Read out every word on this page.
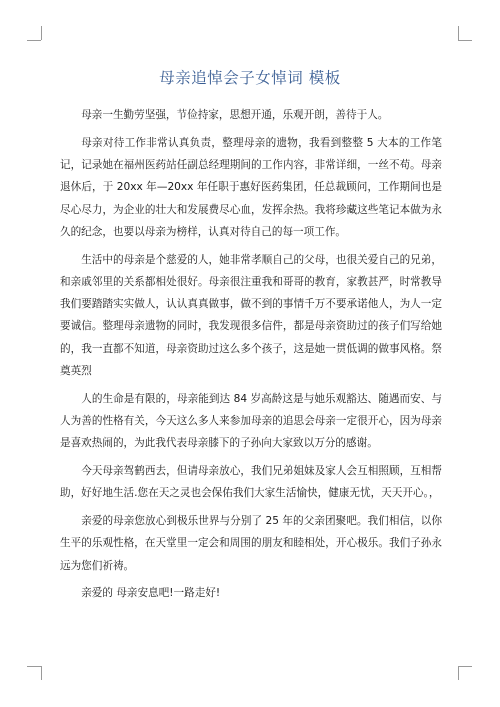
母亲追悼会子女悼词 模板

母亲一生勤劳坚强，节俭持家，思想开通，乐观开朗，善待于人。

母亲对待工作非常认真负责，整理母亲的遗物，我看到整整 5 大本的工作笔记，记录她在福州医药站任副总经理期间的工作内容，非常详细，一丝不苟。母亲退休后，于 20xx 年—20xx 年任职于惠好医药集团，任总裁顾问，工作期间也是尽心尽力，为企业的壮大和发展费尽心血，发挥余热。我将珍藏这些笔记本做为永久的纪念，也要以母亲为榜样，认真对待自己的每一项工作。

生活中的母亲是个慈爱的人，她非常孝顺自己的父母，也很关爱自己的兄弟，和亲戚邻里的关系都相处很好。母亲很注重我和哥哥的教育，家教甚严，时常教导我们要踏踏实实做人，认认真真做事，做不到的事情千万不要承诺他人，为人一定要诚信。整理母亲遗物的同时，我发现很多信件，都是母亲资助过的孩子们写给她的，我一直都不知道，母亲资助过这么多个孩子，这是她一贯低调的做事风格。祭奠英烈

人的生命是有限的，母亲能到达 84 岁高龄这是与她乐观豁达、随遇而安、与人为善的性格有关，今天这么多人来参加母亲的追思会母亲一定很开心，因为母亲是喜欢热闹的，为此我代表母亲膝下的子孙向大家致以万分的感谢。

今天母亲驾鹤西去，但请母亲放心，我们兄弟姐妹及家人会互相照顾，互相帮助，好好地生活.您在天之灵也会保佑我们大家生活愉快，健康无忧，天天开心。，

亲爱的母亲您放心到极乐世界与分别了 25 年的父亲团聚吧。我们相信，以你生平的乐观性格，在天堂里一定会和周围的朋友和睦相处，开心极乐。我们子孙永远为您们祈祷。

亲爱的 母亲安息吧!一路走好!
